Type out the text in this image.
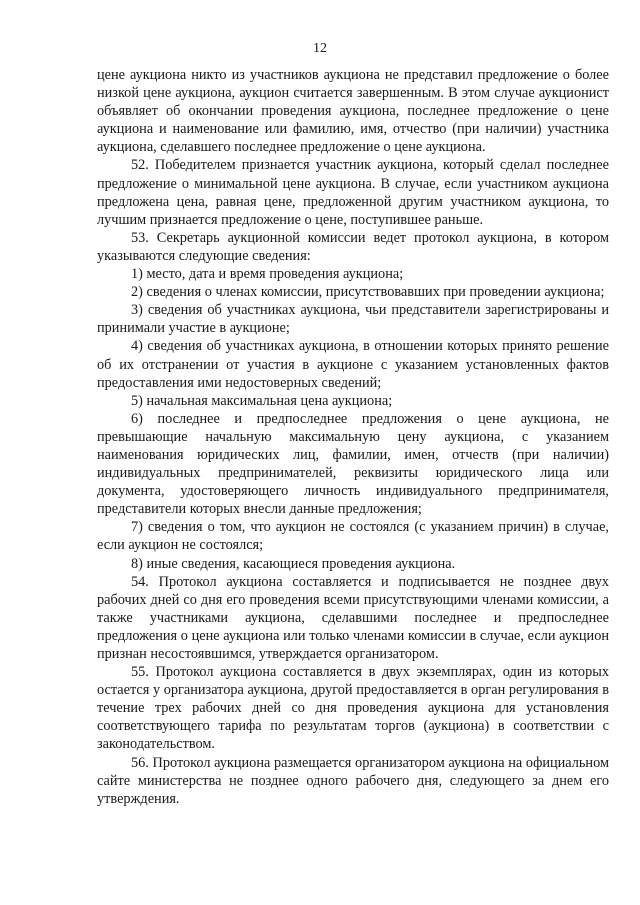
12

цене аукциона никто из участников аукциона не представил предложение о более низкой цене аукциона, аукцион считается завершенным. В этом случае аукционист объявляет об окончании проведения аукциона, последнее предложение о цене аукциона и наименование или фамилию, имя, отчество (при наличии) участника аукциона, сделавшего последнее предложение о цене аукциона.

52. Победителем признается участник аукциона, который сделал последнее предложение о минимальной цене аукциона. В случае, если участником аукциона предложена цена, равная цене, предложенной другим участником аукциона, то лучшим признается предложение о цене, поступившее раньше.

53. Секретарь аукционной комиссии ведет протокол аукциона, в котором указываются следующие сведения:

1) место, дата и время проведения аукциона;

2) сведения о членах комиссии, присутствовавших при проведении аукциона;

3) сведения об участниках аукциона, чьи представители зарегистрированы и принимали участие в аукционе;

4) сведения об участниках аукциона, в отношении которых принято решение об их отстранении от участия в аукционе с указанием установленных фактов предоставления ими недостоверных сведений;

5) начальная максимальная цена аукциона;

6) последнее и предпоследнее предложения о цене аукциона, не превышающие начальную максимальную цену аукциона, с указанием наименования юридических лиц, фамилии, имен, отчеств (при наличии) индивидуальных предпринимателей, реквизиты юридического лица или документа, удостоверяющего личность индивидуального предпринимателя, представители которых внесли данные предложения;

7) сведения о том, что аукцион не состоялся (с указанием причин) в случае, если аукцион не состоялся;

8) иные сведения, касающиеся проведения аукциона.

54. Протокол аукциона составляется и подписывается не позднее двух рабочих дней со дня его проведения всеми присутствующими членами комиссии, а также участниками аукциона, сделавшими последнее и предпоследнее предложения о цене аукциона или только членами комиссии в случае, если аукцион признан несостоявшимся, утверждается организатором.

55. Протокол аукциона составляется в двух экземплярах, один из которых остается у организатора аукциона, другой предоставляется в орган регулирования в течение трех рабочих дней со дня проведения аукциона для установления соответствующего тарифа по результатам торгов (аукциона) в соответствии с законодательством.

56. Протокол аукциона размещается организатором аукциона на официальном сайте министерства не позднее одного рабочего дня, следующего за днем его утверждения.
